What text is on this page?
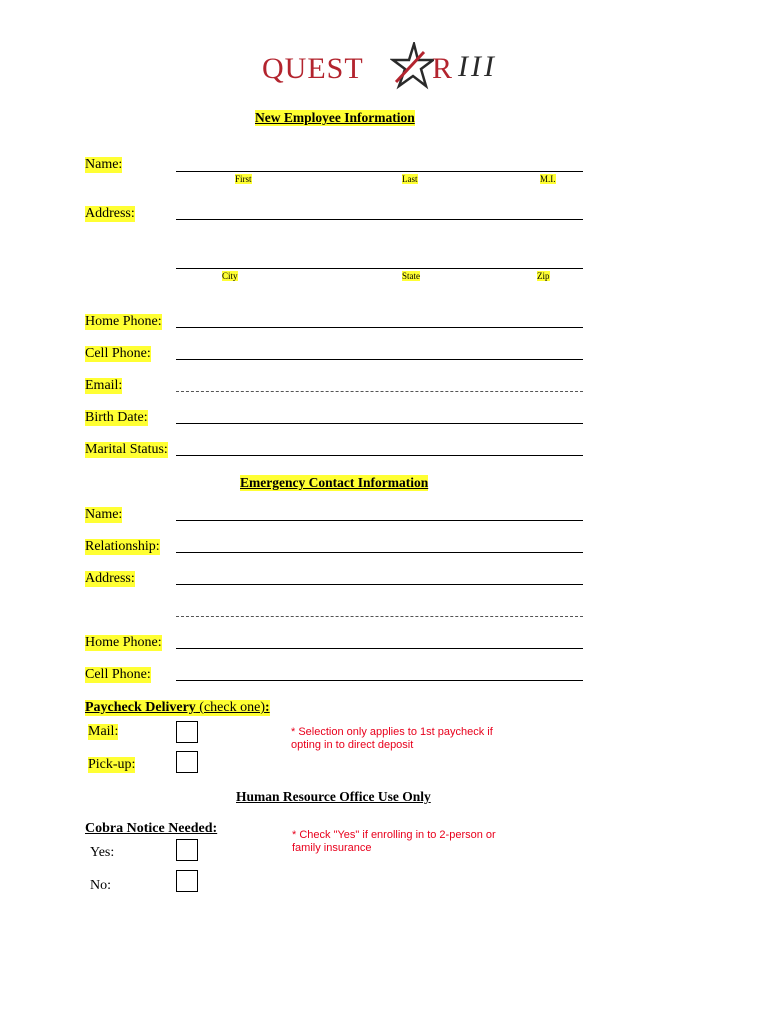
QUEST R III
New Employee Information
Name:
First	Last	M.I.
Address:
City	State	Zip
Home Phone:
Cell Phone:
Email:
Birth Date:
Marital Status:
Emergency Contact Information
Name:
Relationship:
Address:
Home Phone:
Cell Phone:
Paycheck Delivery (check one):
Mail:	* Selection only applies to 1st paycheck if opting in to direct deposit
Pick-up:
Human Resource Office Use Only
Cobra Notice Needed:	* Check "Yes" if enrolling in to 2-person or family insurance
Yes:
No:
